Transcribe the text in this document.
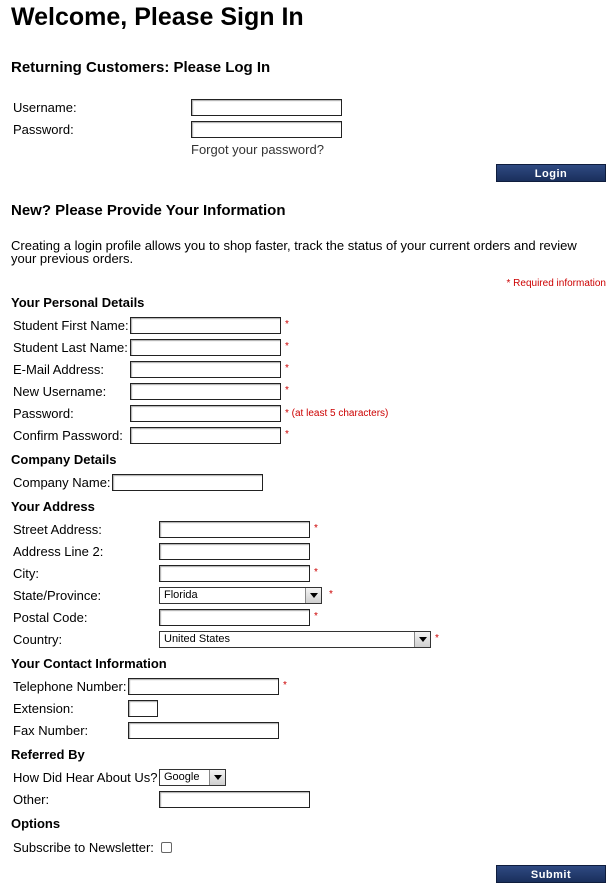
Welcome, Please Sign In
Returning Customers: Please Log In
Username:
Password:
Forgot your password?
Login
New? Please Provide Your Information
Creating a login profile allows you to shop faster, track the status of your current orders and review your previous orders.
* Required information
Your Personal Details
Student First Name:	*
Student Last Name:	*
E-Mail Address:	*
New Username:	*
Password:	* (at least 5 characters)
Confirm Password:	*
Company Details
Company Name:
Your Address
Street Address:	*
Address Line 2:
City:	*
State/Province:	Florida	*
Postal Code:	*
Country:	United States	*
Your Contact Information
Telephone Number:	*
Extension:
Fax Number:
Referred By
How Did Hear About Us? Google
Other:
Options
Subscribe to Newsletter:
Submit
